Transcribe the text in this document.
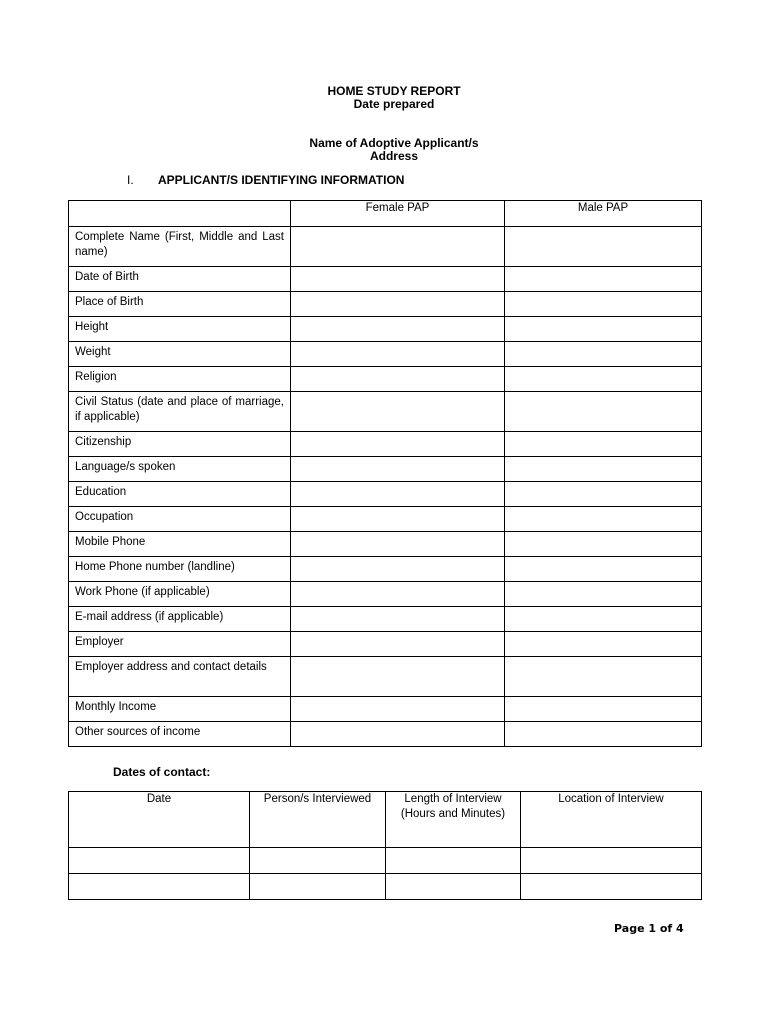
HOME STUDY REPORT
Date prepared
Name of Adoptive Applicant/s
Address
I. APPLICANT/S IDENTIFYING INFORMATION
	Female PAP	Male PAP

Complete Name (First, Middle and Last name)		

Date of Birth		

Place of Birth		

Height		

Weight		

Religion		

Civil Status (date and place of marriage, if applicable)		

Citizenship		

Language/s spoken		

Education		

Occupation		

Mobile Phone		

Home Phone number (landline)		

Work Phone (if applicable)		

E-mail address (if applicable)		

Employer		

Employer address and contact details		

Monthly Income		

Other sources of income		

Dates of contact:
Date	Person/s Interviewed	Length of Interview (Hours and Minutes)	Location of Interview

Page 1 of 4
